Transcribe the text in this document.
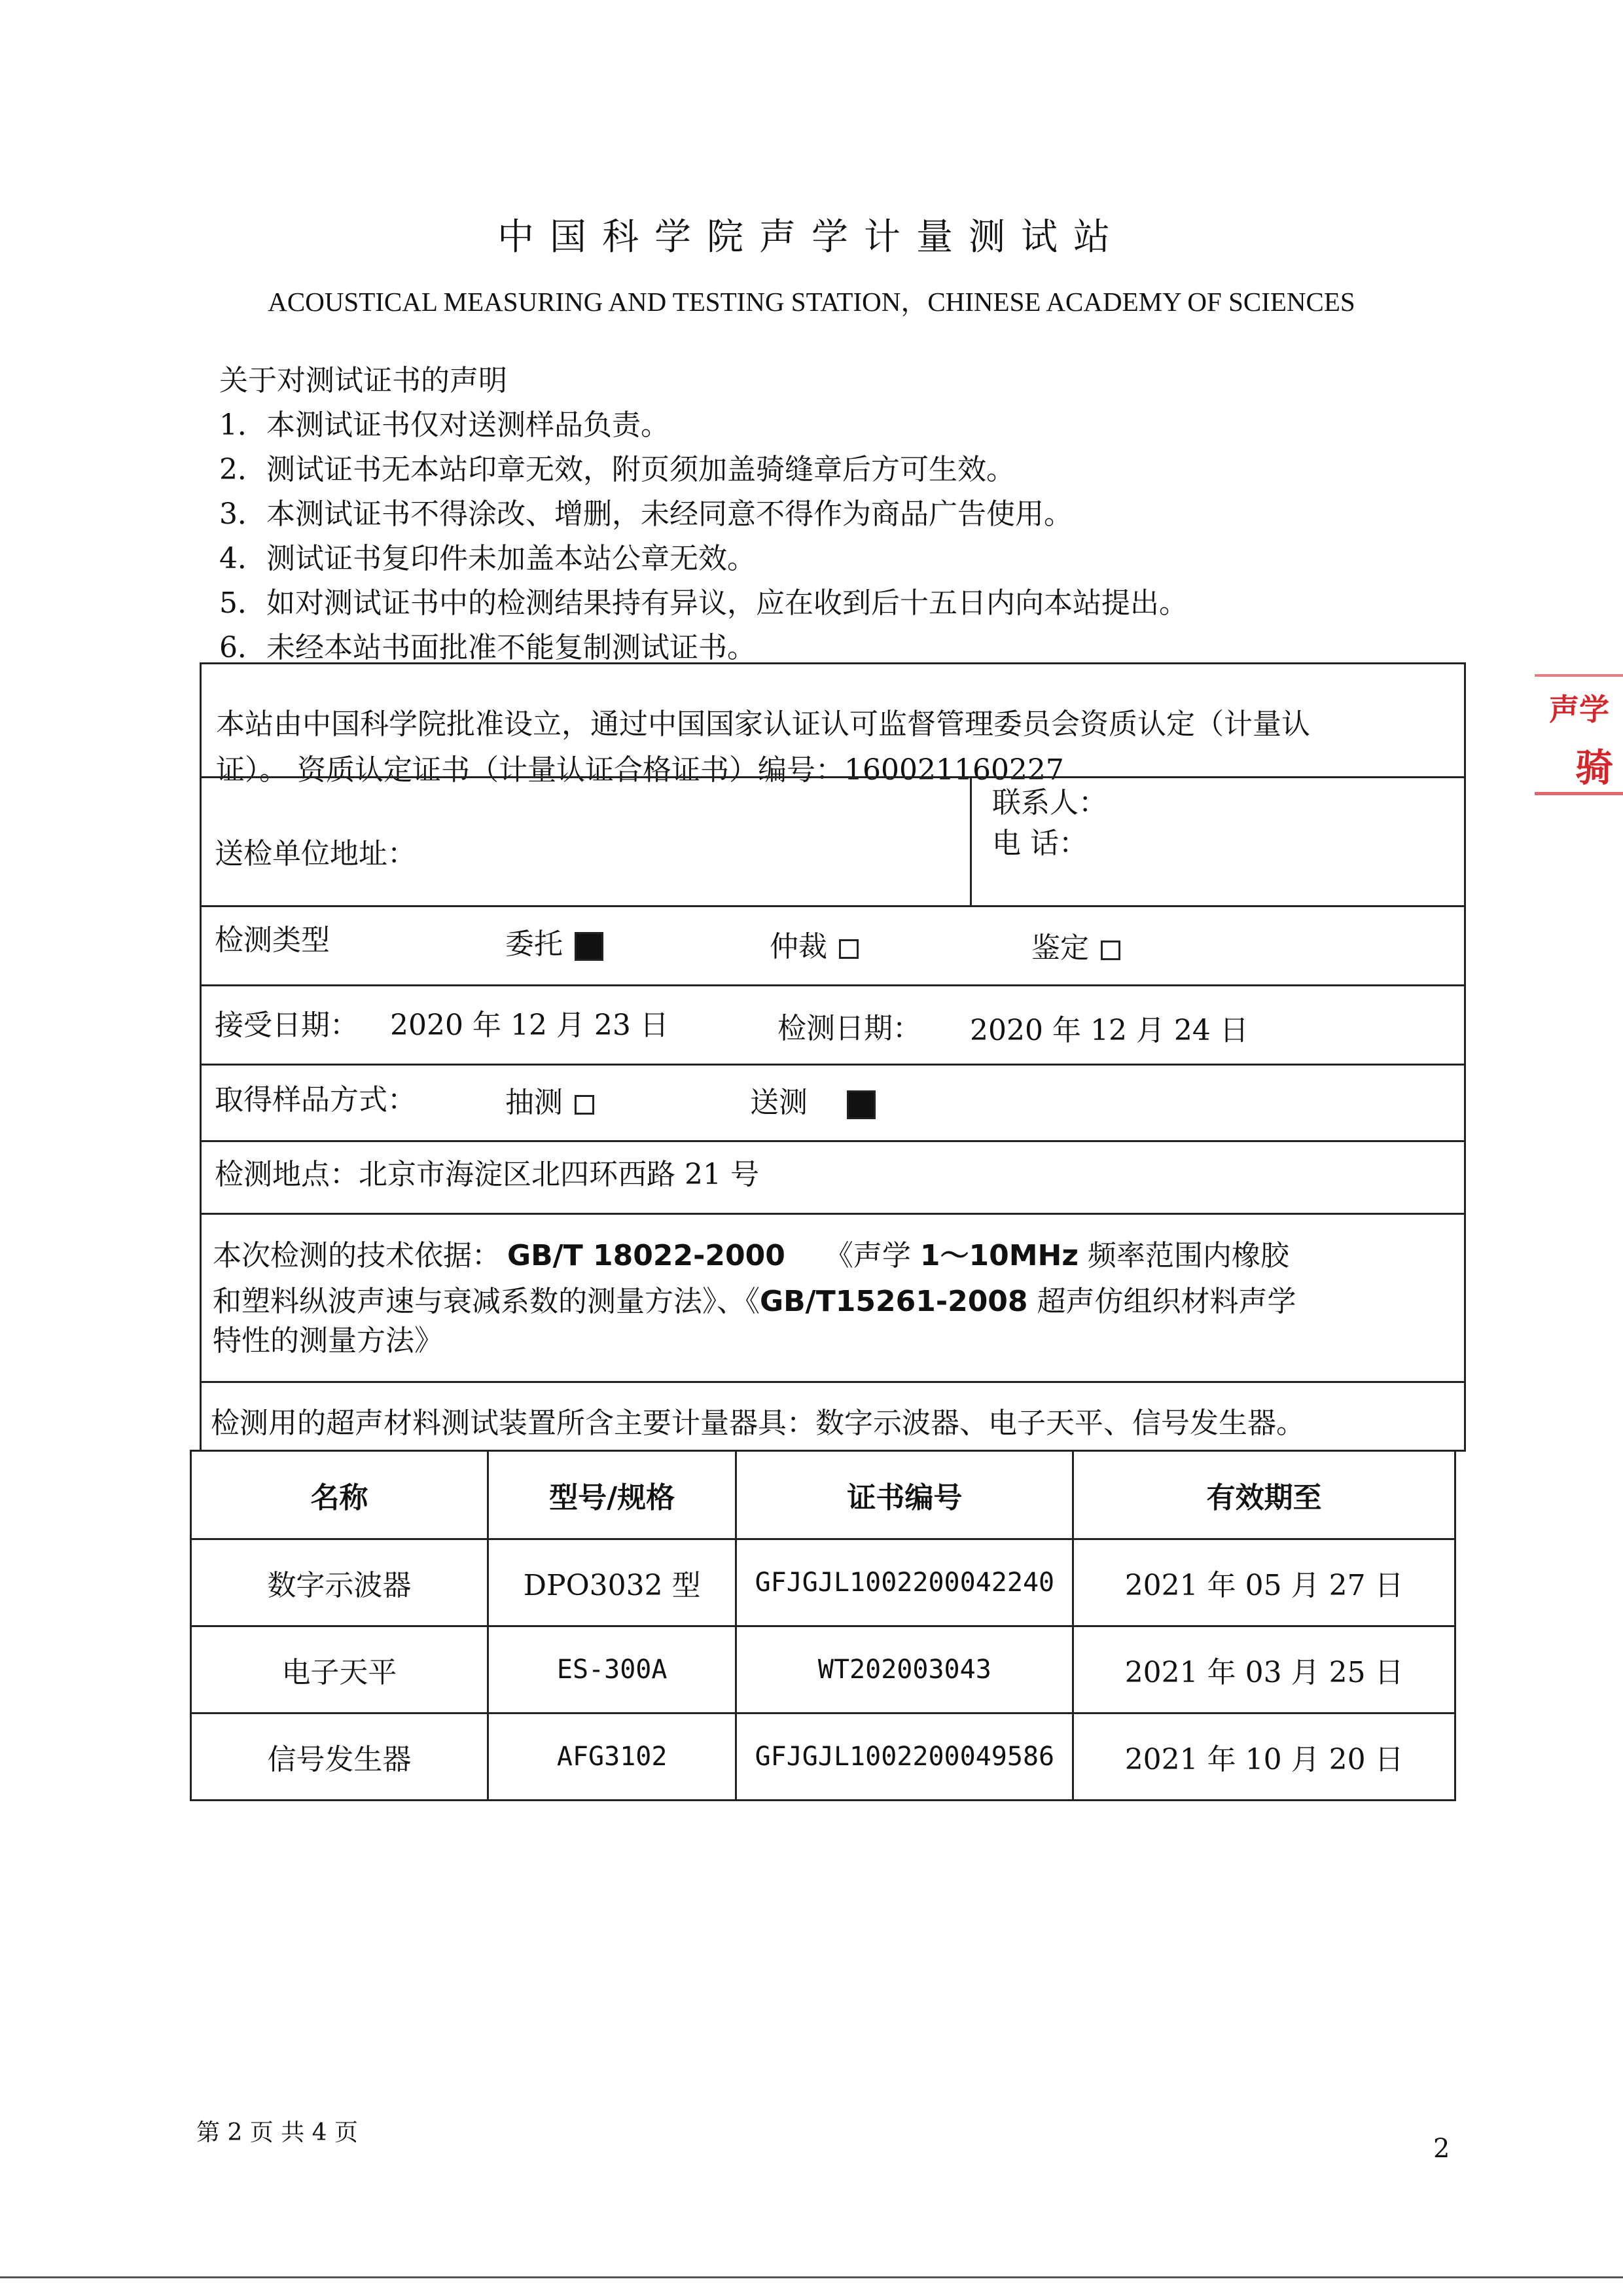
中国科学院声学计量测试站
ACOUSTICAL MEASURING AND TESTING STATION，CHINESE ACADEMY OF SCIENCES
关于对测试证书的声明
1．本测试证书仅对送测样品负责。
2．测试证书无本站印章无效，附页须加盖骑缝章后方可生效。
3．本测试证书不得涂改、增删，未经同意不得作为商品广告使用。
4．测试证书复印件未加盖本站公章无效。
5．如对测试证书中的检测结果持有异议，应在收到后十五日内向本站提出。
6．未经本站书面批准不能复制测试证书。
本站由中国科学院批准设立，通过中国国家认证认可监督管理委员会资质认定（计量认
证）。 资质认定证书（计量认证合格证书）编号：160021160227
送检单位地址：
联系人：
电 话：
检测类型	委托	仲裁	鉴定
接受日期： 2020 年 12 月 23 日	检测日期： 2020 年 12 月 24 日
取得样品方式：	抽测	送测
检测地点：北京市海淀区北四环西路 21 号
本次检测的技术依据： GB/T 18022-2000 《声学 1～10MHz 频率范围内橡胶
和塑料纵波声速与衰减系数的测量方法》、《GB/T15261-2008 超声仿组织材料声学
特性的测量方法》
检测用的超声材料测试装置所含主要计量器具：数字示波器、电子天平、信号发生器。
名称	型号/规格	证书编号	有效期至
数字示波器	DPO3032 型	GFJGJL1002200042240	2021 年 05 月 27 日
电子天平	ES-300A	WT202003043	2021 年 03 月 25 日
信号发生器	AFG3102	GFJGJL1002200049586	2021 年 10 月 20 日
声学
骑
第 2 页 共 4 页
2
